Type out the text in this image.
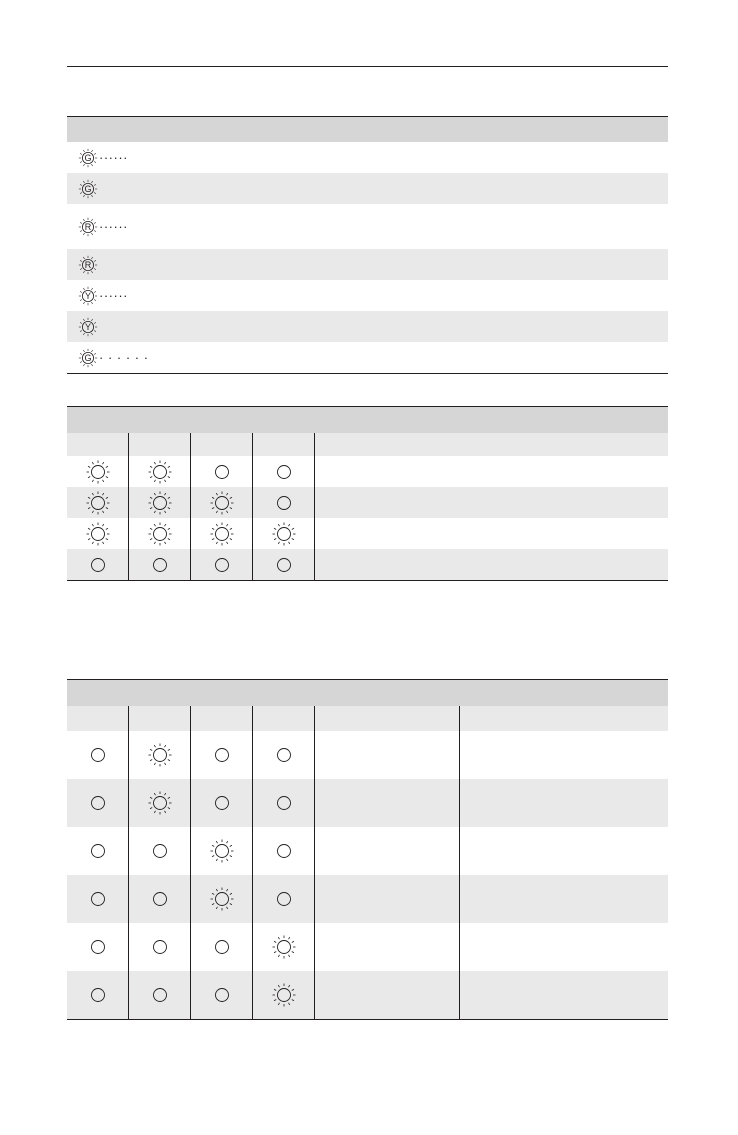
G ······
G
R ······
R
Y ······
Y
G · · · · · ·
